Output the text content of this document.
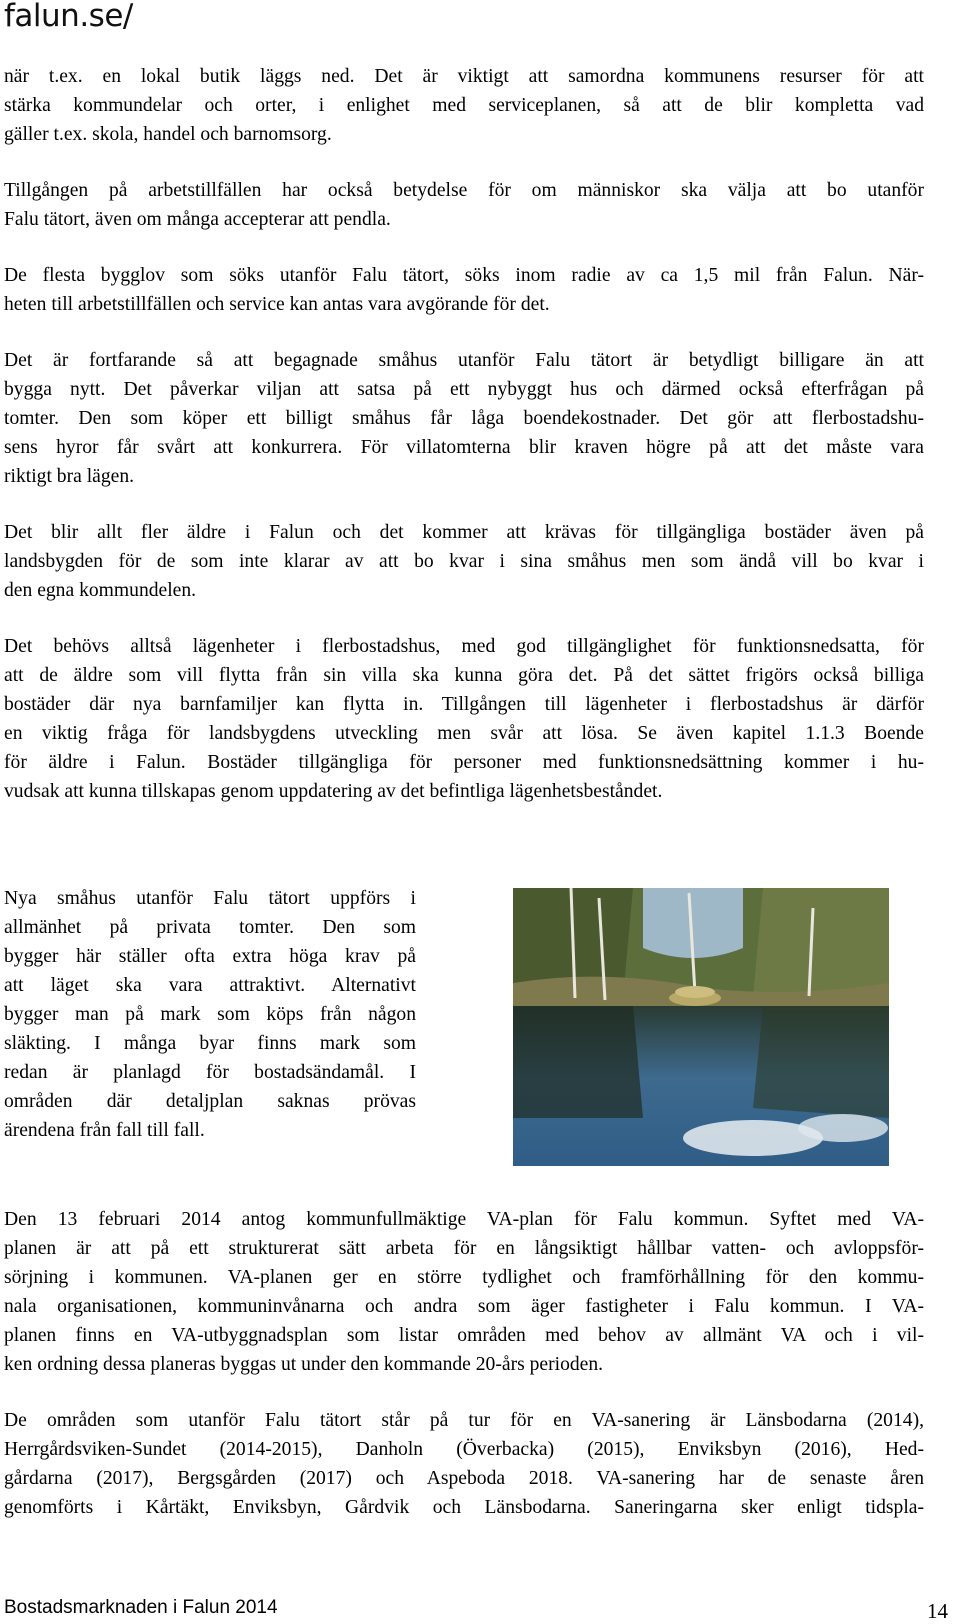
falun.se/

när t.ex. en lokal butik läggs ned. Det är viktigt att samordna kommunens resurser för att
stärka kommundelar och orter, i enlighet med serviceplanen, så att de blir kompletta vad
gäller t.ex. skola, handel och barnomsorg.

Tillgången på arbetstillfällen har också betydelse för om människor ska välja att bo utanför
Falu tätort, även om många accepterar att pendla.

De flesta bygglov som söks utanför Falu tätort, söks inom radie av ca 1,5 mil från Falun. När-
heten till arbetstillfällen och service kan antas vara avgörande för det.

Det är fortfarande så att begagnade småhus utanför Falu tätort är betydligt billigare än att
bygga nytt. Det påverkar viljan att satsa på ett nybyggt hus och därmed också efterfrågan på
tomter. Den som köper ett billigt småhus får låga boendekostnader. Det gör att flerbostadshu-
sens hyror får svårt att konkurrera. För villatomterna blir kraven högre på att det måste vara
riktigt bra lägen.

Det blir allt fler äldre i Falun och det kommer att krävas för tillgängliga bostäder även på
landsbygden för de som inte klarar av att bo kvar i sina småhus men som ändå vill bo kvar i
den egna kommundelen.

Det behövs alltså lägenheter i flerbostadshus, med god tillgänglighet för funktionsnedsatta, för
att de äldre som vill flytta från sin villa ska kunna göra det. På det sättet frigörs också billiga
bostäder där nya barnfamiljer kan flytta in. Tillgången till lägenheter i flerbostadshus är därför
en viktig fråga för landsbygdens utveckling men svår att lösa. Se även kapitel 1.1.3 Boende
för äldre i Falun. Bostäder tillgängliga för personer med funktionsnedsättning kommer i hu-
vudsak att kunna tillskapas genom uppdatering av det befintliga lägenhetsbeståndet.

Nya småhus utanför Falu tätort uppförs i
allmänhet på privata tomter. Den som
bygger här ställer ofta extra höga krav på
att läget ska vara attraktivt. Alternativt
bygger man på mark som köps från någon
släkting. I många byar finns mark som
redan är planlagd för bostadsändamål. I
områden där detaljplan saknas prövas
ärendena från fall till fall.

Den 13 februari 2014 antog kommunfullmäktige VA-plan för Falu kommun. Syftet med VA-
planen är att på ett strukturerat sätt arbeta för en långsiktigt hållbar vatten- och avloppsför-
sörjning i kommunen. VA-planen ger en större tydlighet och framförhållning för den kommu-
nala organisationen, kommuninvånarna och andra som äger fastigheter i Falu kommun. I VA-
planen finns en VA-utbyggnadsplan som listar områden med behov av allmänt VA och i vil-
ken ordning dessa planeras byggas ut under den kommande 20-års perioden.

De områden som utanför Falu tätort står på tur för en VA-sanering är Länsbodarna (2014),
Herrgårdsviken-Sundet (2014-2015), Danholn (Överbacka) (2015), Enviksbyn (2016), Hed-
gårdarna (2017), Bergsgården (2017) och Aspeboda 2018. VA-sanering har de senaste åren
genomförts i Kårtäkt, Enviksbyn, Gårdvik och Länsbodarna. Saneringarna sker enligt tidspla-

Bostadsmarknaden i Falun 2014	14
